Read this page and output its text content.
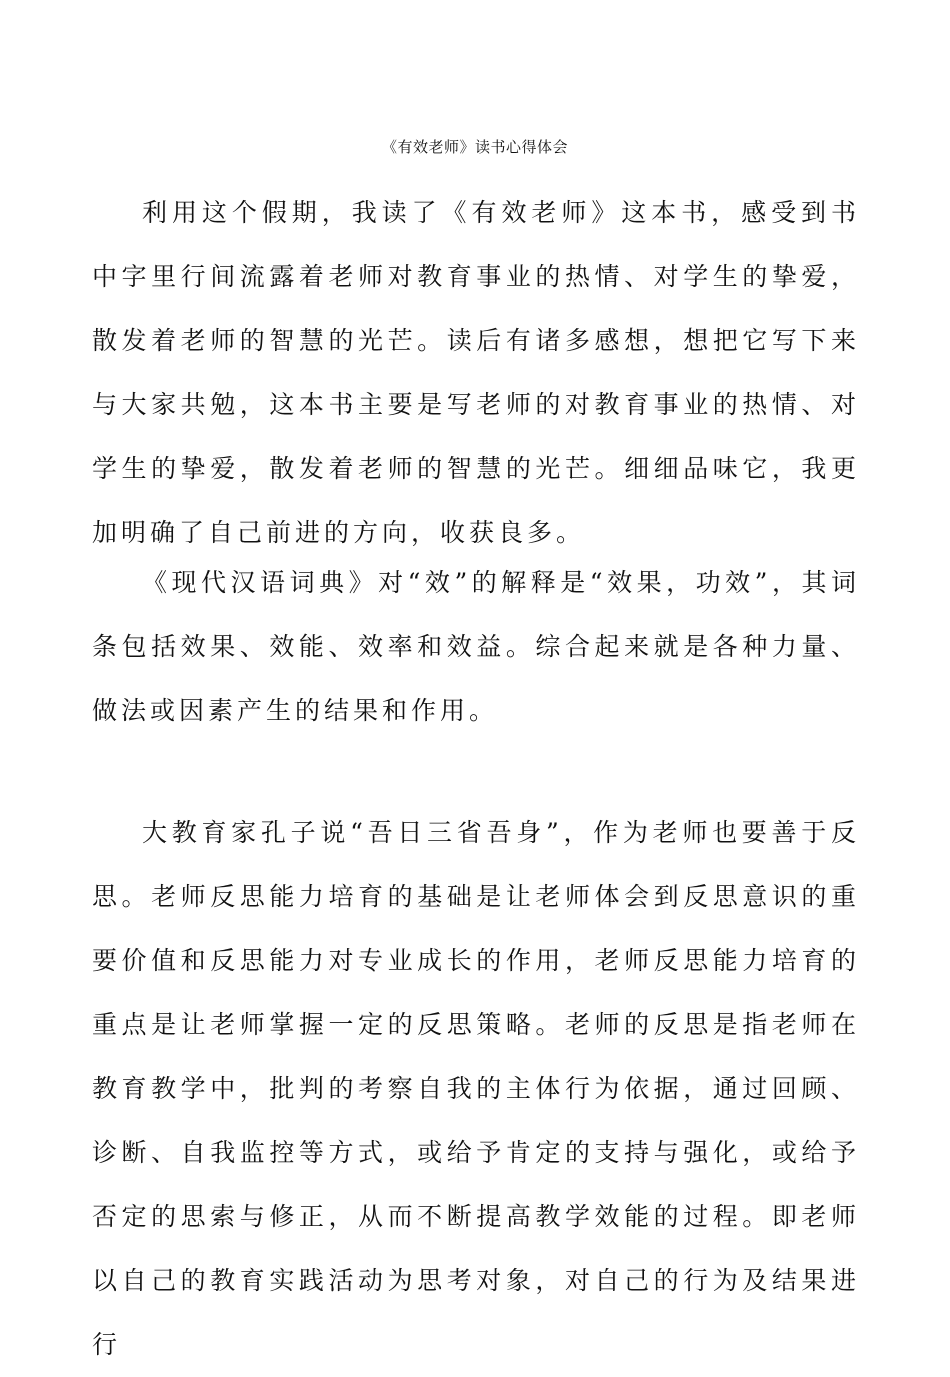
《有效老师》读书心得体会

利用这个假期，我读了《有效老师》这本书，感受到书中字里行间流露着老师对教育事业的热情、对学生的挚爱，散发着老师的智慧的光芒。读后有诸多感想，想把它写下来与大家共勉，这本书主要是写老师的对教育事业的热情、对学生的挚爱，散发着老师的智慧的光芒。细细品味它，我更加明确了自己前进的方向，收获良多。

《现代汉语词典》对“效”的解释是“效果，功效”，其词条包括效果、效能、效率和效益。综合起来就是各种力量、做法或因素产生的结果和作用。

大教育家孔子说“吾日三省吾身”，作为老师也要善于反思。老师反思能力培育的基础是让老师体会到反思意识的重要价值和反思能力对专业成长的作用，老师反思能力培育的重点是让老师掌握一定的反思策略。老师的反思是指老师在教育教学中，批判的考察自我的主体行为依据，通过回顾、诊断、自我监控等方式，或给予肯定的支持与强化，或给予否定的思索与修正，从而不断提高教学效能的过程。即老师以自己的教育实践活动为思考对象，对自己的行为及结果进行
